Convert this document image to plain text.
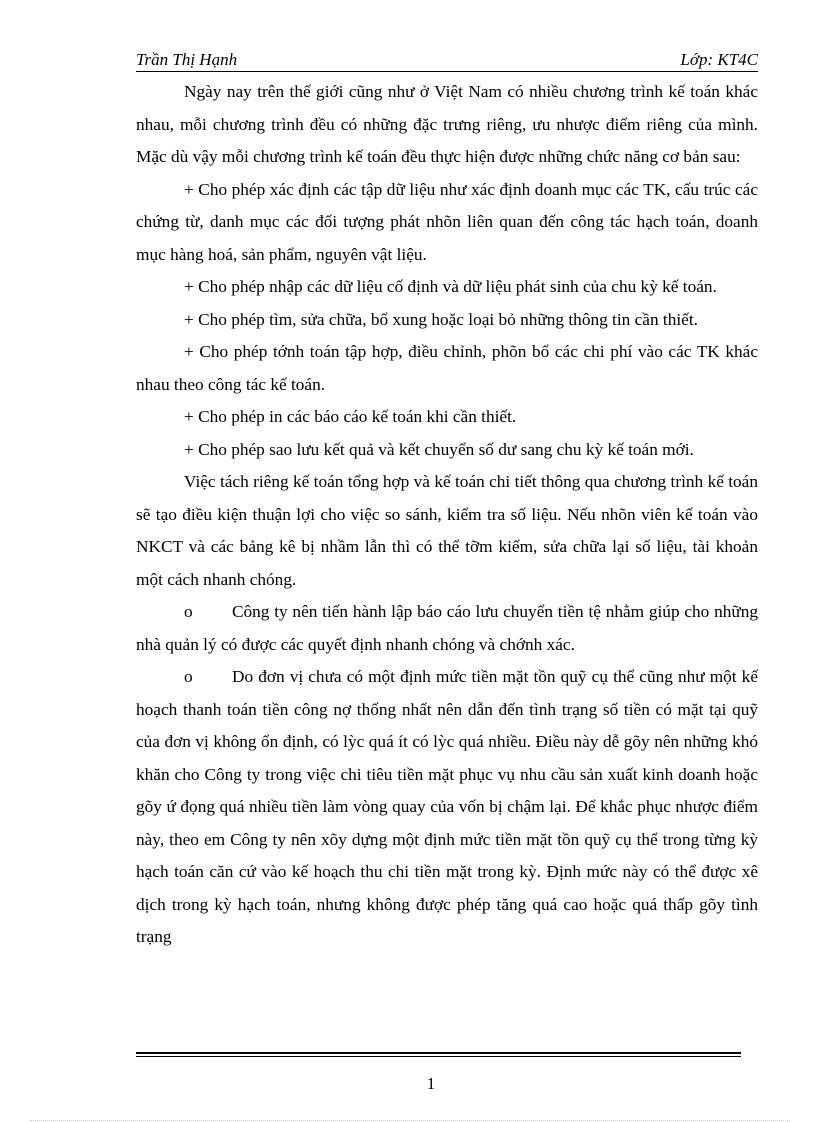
Trần Thị Hạnh	Lớp: KT4C

Ngày nay trên thế giới cũng như ở Việt Nam có nhiều chương trình kế toán khác nhau, mỗi chương trình đều có những đặc trưng riêng, ưu nhược điểm riêng của mình. Mặc dù vậy mỗi chương trình kế toán đều thực hiện được những chức năng cơ bản sau:

+ Cho phép xác định các tập dữ liệu như xác định doanh mục các TK, cấu trúc các chứng từ, danh mục các đối tượng phát nhõn liên quan đến công tác hạch toán, doanh mục hàng hoá, sản phẩm, nguyên vật liệu.

+ Cho phép nhập các dữ liệu cố định và dữ liệu phát sinh của chu kỳ kế toán.

+ Cho phép tìm, sửa chữa, bổ xung hoặc loại bỏ những thông tin cần thiết.

+ Cho phép tớnh toán tập hợp, điều chỉnh, phõn bổ các chi phí vào các TK khác nhau theo công tác kế toán.

+ Cho phép in các báo cáo kế toán khi cần thiết.

+ Cho phép sao lưu kết quả và kết chuyển số dư sang chu kỳ kế toán mới.

Việc tách riêng kế toán tổng hợp và kế toán chi tiết thông qua chương trình kế toán sẽ tạo điều kiện thuận lợi cho việc so sánh, kiểm tra số liệu. Nếu nhõn viên kế toán vào NKCT và các bảng kê bị nhầm lẫn thì có thể tỡm kiếm, sửa chữa lại số liệu, tài khoản một cách nhanh chóng.

o Công ty nên tiến hành lập báo cáo lưu chuyển tiền tệ nhằm giúp cho những nhà quản lý có được các quyết định nhanh chóng và chớnh xác.

o Do đơn vị chưa có một định mức tiền mặt tồn quỹ cụ thể cũng như một kế hoạch thanh toán tiền công nợ thống nhất nên dẫn đến tình trạng số tiền có mặt tại quỹ của đơn vị không ổn định, có lỳc quá ít có lỳc quá nhiều. Điều này dễ gõy nên những khó khăn cho Công ty trong việc chi tiêu tiền mặt phục vụ nhu cầu sản xuất kinh doanh hoặc gõy ứ đọng quá nhiều tiền làm vòng quay của vốn bị chậm lại. Để khắc phục nhược điểm này, theo em Công ty nên xõy dựng một định mức tiền mặt tồn quỹ cụ thể trong từng kỳ hạch toán căn cứ vào kế hoạch thu chi tiền mặt trong kỳ. Định mức này có thể được xê dịch trong kỳ hạch toán, nhưng không được phép tăng quá cao hoặc quá thấp gõy tình trạng

1
